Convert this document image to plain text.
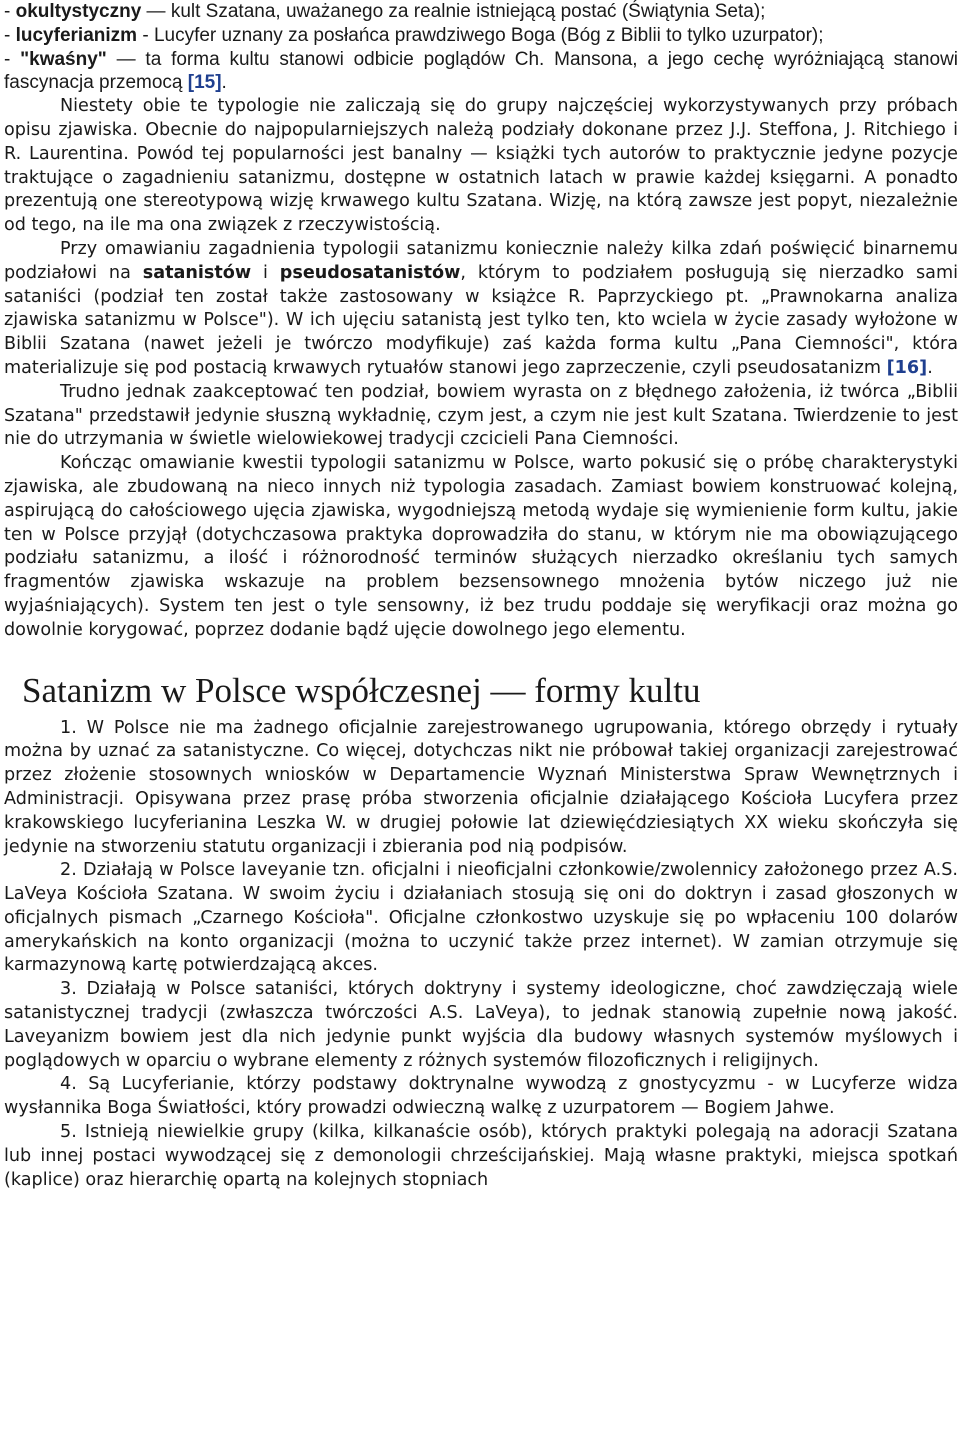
- okultystyczny — kult Szatana, uważanego za realnie istniejącą postać (Świątynia Seta);

- lucyferianizm - Lucyfer uznany za posłańca prawdziwego Boga (Bóg z Biblii to tylko uzurpator);

- "kwaśny" — ta forma kultu stanowi odbicie poglądów Ch. Mansona, a jego cechę wyróżniającą stanowi fascynacja przemocą [15].

Niestety obie te typologie nie zaliczają się do grupy najczęściej wykorzystywanych przy próbach opisu zjawiska. Obecnie do najpopularniejszych należą podziały dokonane przez J.J. Steffona, J. Ritchiego i R. Laurentina. Powód tej popularności jest banalny — książki tych autorów to praktycznie jedyne pozycje traktujące o zagadnieniu satanizmu, dostępne w ostatnich latach w prawie każdej księgarni. A ponadto prezentują one stereotypową wizję krwawego kultu Szatana. Wizję, na którą zawsze jest popyt, niezależnie od tego, na ile ma ona związek z rzeczywistością.

Przy omawianiu zagadnienia typologii satanizmu koniecznie należy kilka zdań poświęcić binarnemu podziałowi na satanistów i pseudosatanistów, którym to podziałem posługują się nierzadko sami sataniści (podział ten został także zastosowany w książce R. Paprzyckiego pt. „Prawnokarna analiza zjawiska satanizmu w Polsce"). W ich ujęciu satanistą jest tylko ten, kto wciela w życie zasady wyłożone w Biblii Szatana (nawet jeżeli je twórczo modyfikuje) zaś każda forma kultu „Pana Ciemności", która materializuje się pod postacią krwawych rytuałów stanowi jego zaprzeczenie, czyli pseudosatanizm [16].

Trudno jednak zaakceptować ten podział, bowiem wyrasta on z błędnego założenia, iż twórca „Biblii Szatana" przedstawił jedynie słuszną wykładnię, czym jest, a czym nie jest kult Szatana. Twierdzenie to jest nie do utrzymania w świetle wielowiekowej tradycji czcicieli Pana Ciemności.

Kończąc omawianie kwestii typologii satanizmu w Polsce, warto pokusić się o próbę charakterystyki zjawiska, ale zbudowaną na nieco innych niż typologia zasadach. Zamiast bowiem konstruować kolejną, aspirującą do całościowego ujęcia zjawiska, wygodniejszą metodą wydaje się wymienienie form kultu, jakie ten w Polsce przyjął (dotychczasowa praktyka doprowadziła do stanu, w którym nie ma obowiązującego podziału satanizmu, a ilość i różnorodność terminów służących nierzadko określaniu tych samych fragmentów zjawiska wskazuje na problem bezsensownego mnożenia bytów niczego już nie wyjaśniających). System ten jest o tyle sensowny, iż bez trudu poddaje się weryfikacji oraz można go dowolnie korygować, poprzez dodanie bądź ujęcie dowolnego jego elementu.

Satanizm w Polsce współczesnej — formy kultu

1. W Polsce nie ma żadnego oficjalnie zarejestrowanego ugrupowania, którego obrzędy i rytuały można by uznać za satanistyczne. Co więcej, dotychczas nikt nie próbował takiej organizacji zarejestrować przez złożenie stosownych wniosków w Departamencie Wyznań Ministerstwa Spraw Wewnętrznych i Administracji. Opisywana przez prasę próba stworzenia oficjalnie działającego Kościoła Lucyfera przez krakowskiego lucyferianina Leszka W. w drugiej połowie lat dziewięćdziesiątych XX wieku skończyła się jedynie na stworzeniu statutu organizacji i zbierania pod nią podpisów.

2. Działają w Polsce laveyanie tzn. oficjalni i nieoficjalni członkowie/zwolennicy założonego przez A.S. LaVeya Kościoła Szatana. W swoim życiu i działaniach stosują się oni do doktryn i zasad głoszonych w oficjalnych pismach „Czarnego Kościoła". Oficjalne członkostwo uzyskuje się po wpłaceniu 100 dolarów amerykańskich na konto organizacji (można to uczynić także przez internet). W zamian otrzymuje się karmazynową kartę potwierdzającą akces.

3. Działają w Polsce sataniści, których doktryny i systemy ideologiczne, choć zawdzięczają wiele satanistycznej tradycji (zwłaszcza twórczości A.S. LaVeya), to jednak stanowią zupełnie nową jakość. Laveyanizm bowiem jest dla nich jedynie punkt wyjścia dla budowy własnych systemów myślowych i poglądowych w oparciu o wybrane elementy z różnych systemów filozoficznych i religijnych.

4. Są Lucyferianie, którzy podstawy doktrynalne wywodzą z gnostycyzmu - w Lucyferze widza wysłannika Boga Światłości, który prowadzi odwieczną walkę z uzurpatorem — Bogiem Jahwe.

5. Istnieją niewielkie grupy (kilka, kilkanaście osób), których praktyki polegają na adoracji Szatana lub innej postaci wywodzącej się z demonologii chrześcijańskiej. Mają własne praktyki, miejsca spotkań (kaplice) oraz hierarchię opartą na kolejnych stopniach
